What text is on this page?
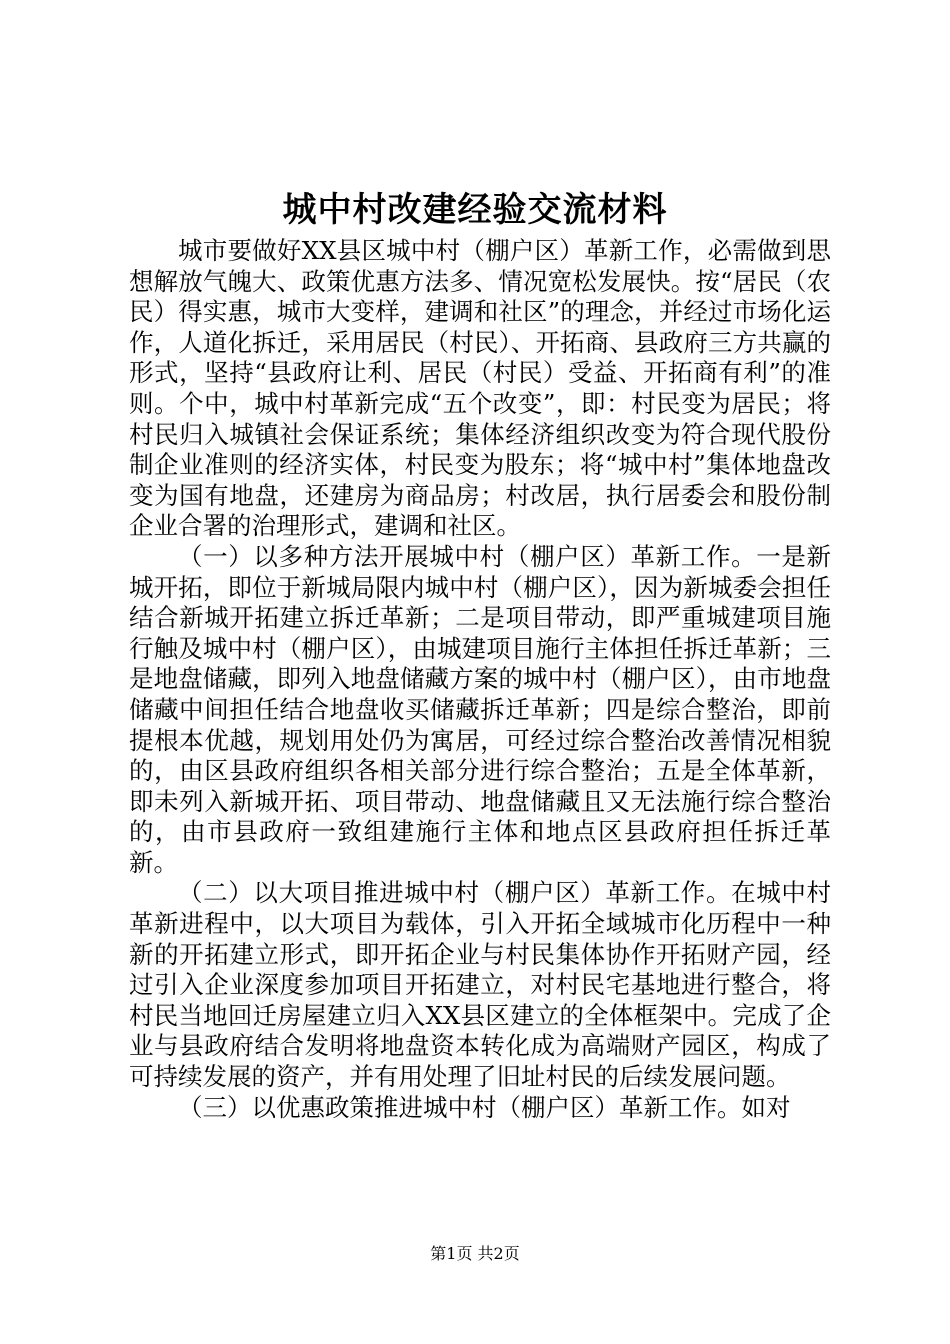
城中村改建经验交流材料

城市要做好XX县区城中村（棚户区）革新工作，必需做到思想解放气魄大、政策优惠方法多、情况宽松发展快。按“居民（农民）得实惠，城市大变样，建调和社区”的理念，并经过市场化运作，人道化拆迁，采用居民（村民）、开拓商、县政府三方共赢的形式，坚持“县政府让利、居民（村民）受益、开拓商有利”的准则。个中，城中村革新完成“五个改变”，即：村民变为居民；将村民归入城镇社会保证系统；集体经济组织改变为符合现代股份制企业准则的经济实体，村民变为股东；将“城中村”集体地盘改变为国有地盘，还建房为商品房；村改居，执行居委会和股份制企业合署的治理形式，建调和社区。

（一）以多种方法开展城中村（棚户区）革新工作。一是新城开拓，即位于新城局限内城中村（棚户区），因为新城委会担任结合新城开拓建立拆迁革新；二是项目带动，即严重城建项目施行触及城中村（棚户区），由城建项目施行主体担任拆迁革新；三是地盘储藏，即列入地盘储藏方案的城中村（棚户区），由市地盘储藏中间担任结合地盘收买储藏拆迁革新；四是综合整治，即前提根本优越，规划用处仍为寓居，可经过综合整治改善情况相貌的，由区县政府组织各相关部分进行综合整治；五是全体革新，即未列入新城开拓、项目带动、地盘储藏且又无法施行综合整治的，由市县政府一致组建施行主体和地点区县政府担任拆迁革新。

（二）以大项目推进城中村（棚户区）革新工作。在城中村革新进程中，以大项目为载体，引入开拓全域城市化历程中一种新的开拓建立形式，即开拓企业与村民集体协作开拓财产园，经过引入企业深度参加项目开拓建立，对村民宅基地进行整合，将村民当地回迁房屋建立归入XX县区建立的全体框架中。完成了企业与县政府结合发明将地盘资本转化成为高端财产园区，构成了可持续发展的资产，并有用处理了旧址村民的后续发展问题。

（三）以优惠政策推进城中村（棚户区）革新工作。如对

第1页 共2页
